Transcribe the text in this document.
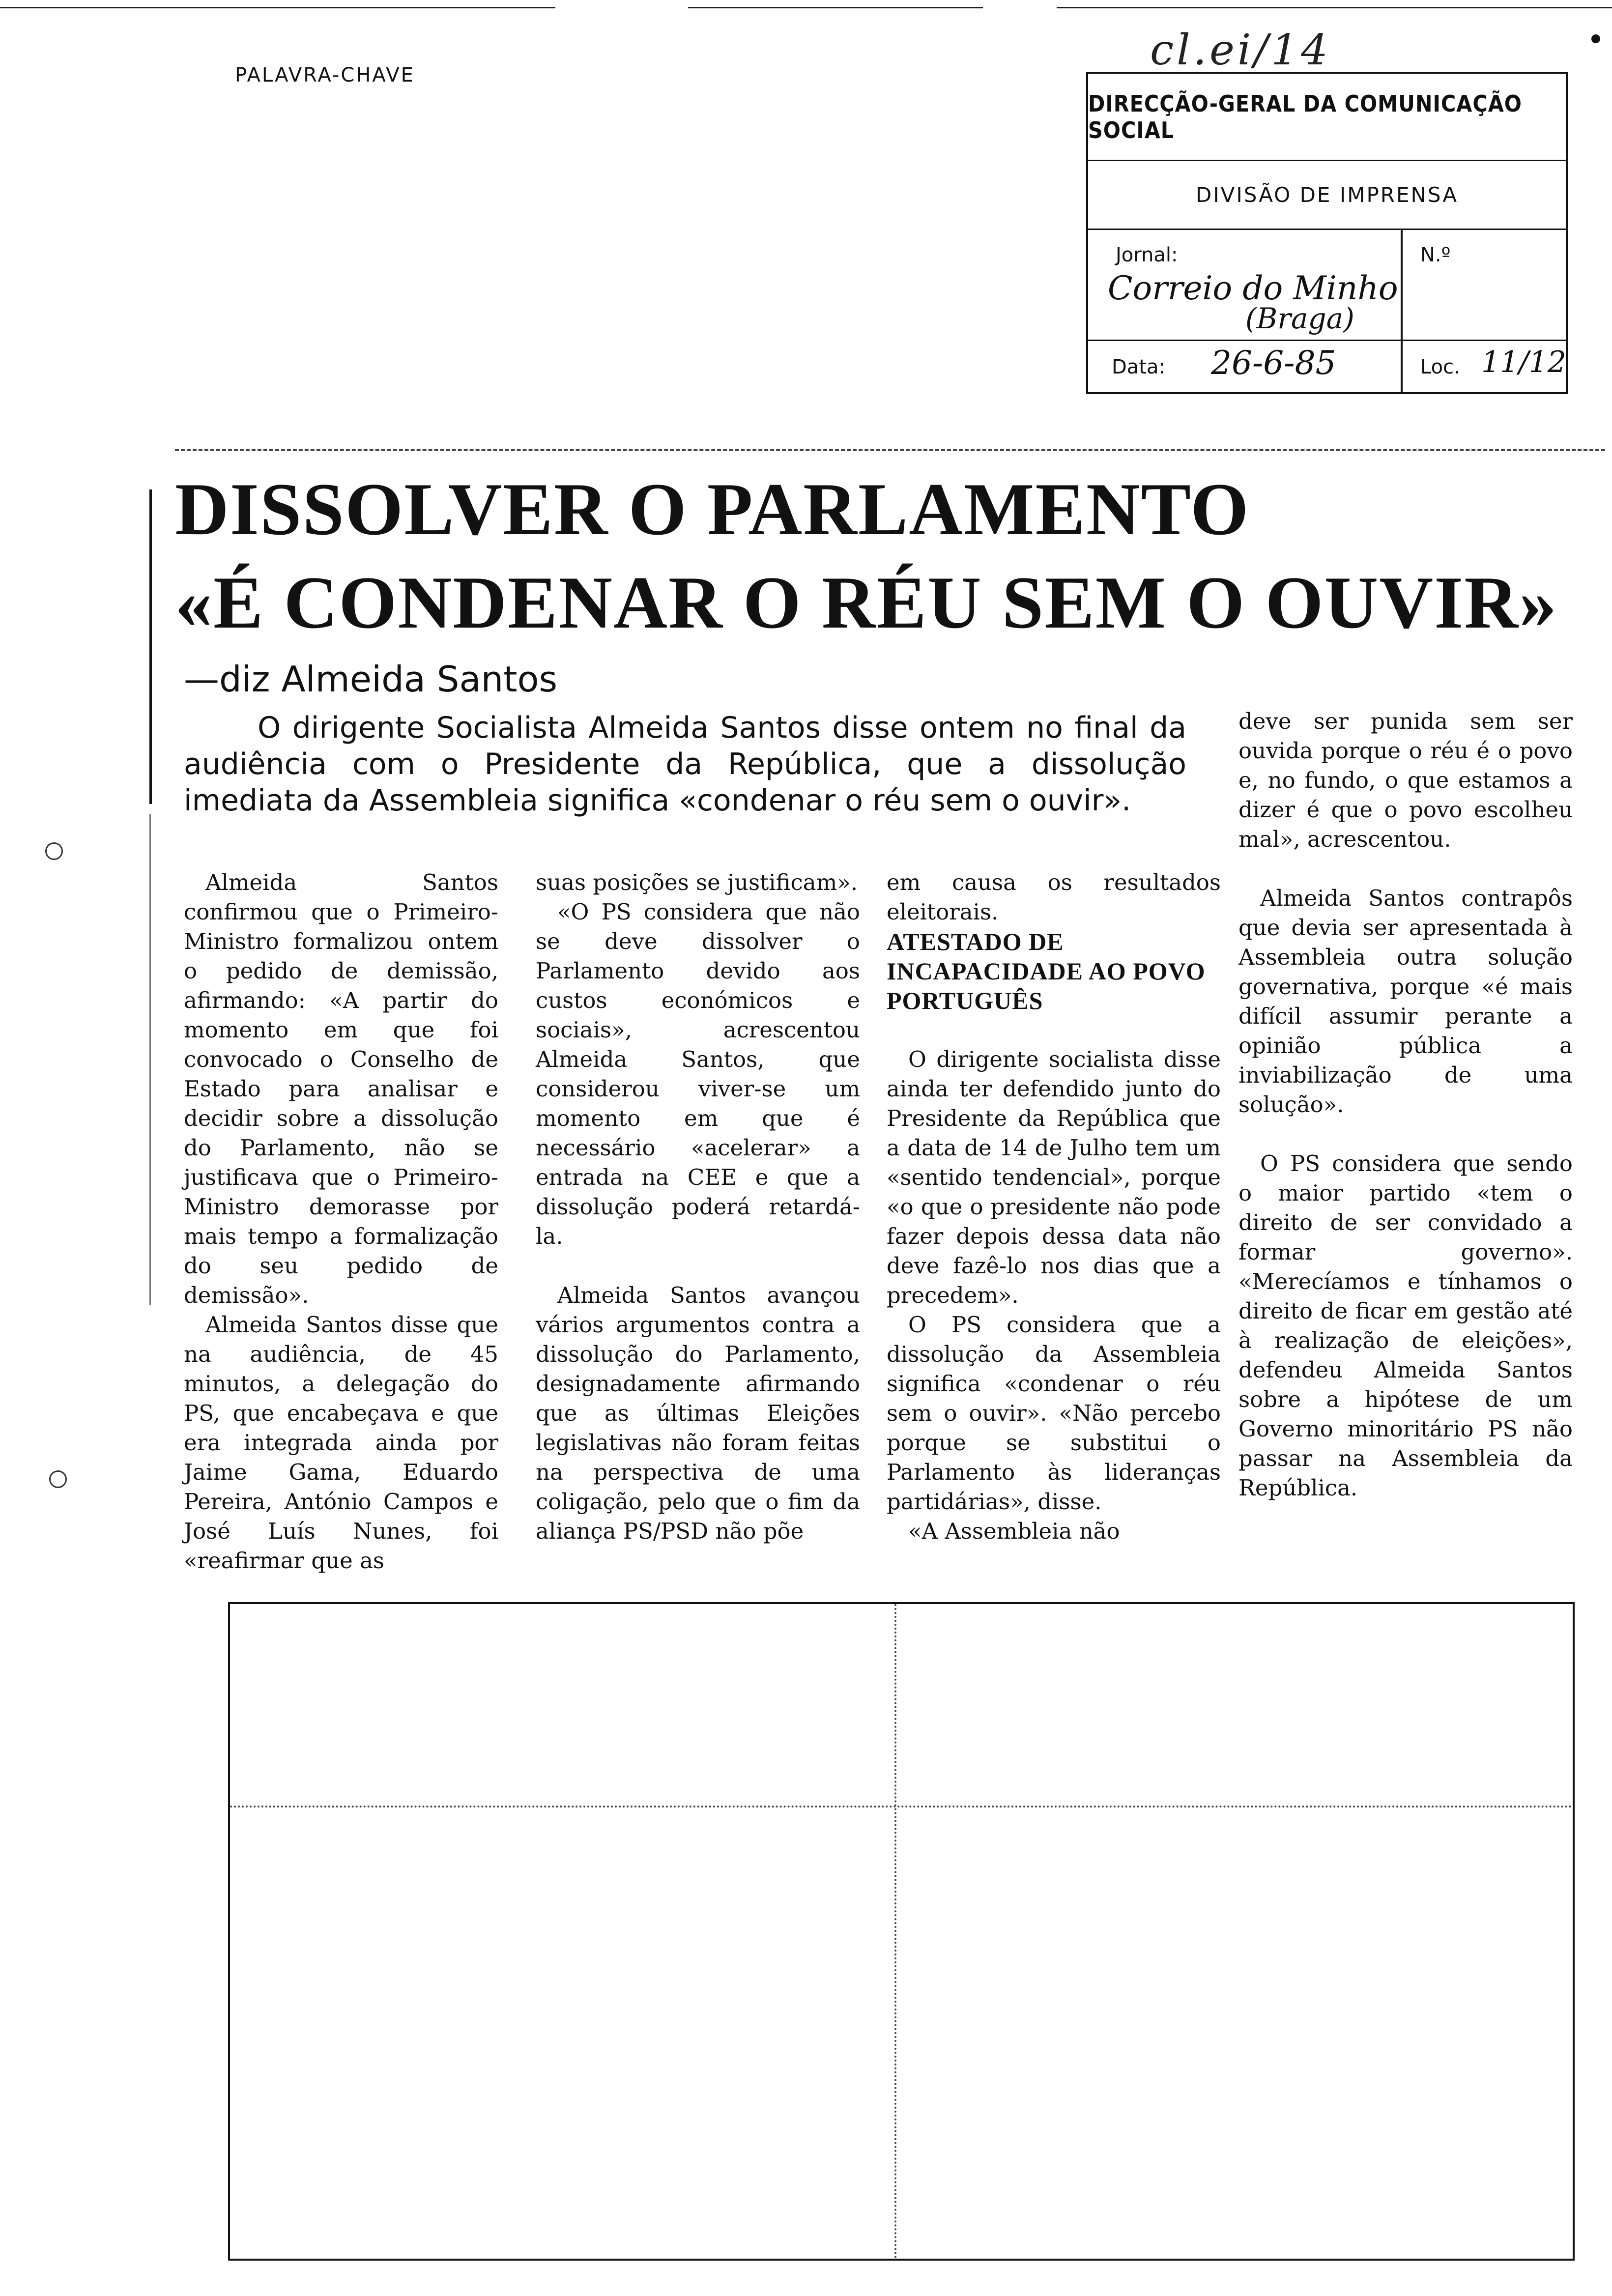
PALAVRA-CHAVE
cl.ei/14
DIRECÇÃO-GERAL DA COMUNICAÇÃO SOCIAL
DIVISÃO DE IMPRENSA
Jornal:
Correio do Minho
(Braga)
N.º
Data: 26-6-85	Loc. 11/12
DISSOLVER O PARLAMENTO
«É CONDENAR O RÉU SEM O OUVIR»
—diz Almeida Santos
O dirigente Socialista Almeida Santos disse ontem no final da audiência com o Presidente da República, que a dissolução imediata da Assembleia significa «condenar o réu sem o ouvir».

Almeida Santos confirmou que o Primeiro-Ministro formalizou ontem o pedido de demissão, afirmando: «A partir do momento em que foi convocado o Conselho de Estado para analisar e decidir sobre a dissolução do Parlamento, não se justificava que o Primeiro-Ministro demorasse por mais tempo a formalização do seu pedido de demissão».

Almeida Santos disse que na audiência, de 45 minutos, a delegação do PS, que encabeçava e que era integrada ainda por Jaime Gama, Eduardo Pereira, António Campos e José Luís Nunes, foi «reafirmar que as

suas posições se justificam».

«O PS considera que não se deve dissolver o Parlamento devido aos custos económicos e sociais», acrescentou Almeida Santos, que considerou viver-se um momento em que é necessário «acelerar» a entrada na CEE e que a dissolução poderá retardá-la.

Almeida Santos avançou vários argumentos contra a dissolução do Parlamento, designadamente afirmando que as últimas Eleições legislativas não foram feitas na perspectiva de uma coligação, pelo que o fim da aliança PS/PSD não põe

em causa os resultados eleitorais.

ATESTADO DE INCAPACIDADE AO POVO PORTUGUÊS

O dirigente socialista disse ainda ter defendido junto do Presidente da República que a data de 14 de Julho tem um «sentido tendencial», porque «o que o presidente não pode fazer depois dessa data não deve fazê-lo nos dias que a precedem».

O PS considera que a dissolução da Assembleia significa «condenar o réu sem o ouvir». «Não percebo porque se substitui o Parlamento às lideranças partidárias», disse.

«A Assembleia não

deve ser punida sem ser ouvida porque o réu é o povo e, no fundo, o que estamos a dizer é que o povo escolheu mal», acrescentou.

Almeida Santos contrapôs que devia ser apresentada à Assembleia outra solução governativa, porque «é mais difícil assumir perante a opinião pública a inviabilização de uma solução».

O PS considera que sendo o maior partido «tem o direito de ser convidado a formar governo». «Merecíamos e tínhamos o direito de ficar em gestão até à realização de eleições», defendeu Almeida Santos sobre a hipótese de um Governo minoritário PS não passar na Assembleia da República.
